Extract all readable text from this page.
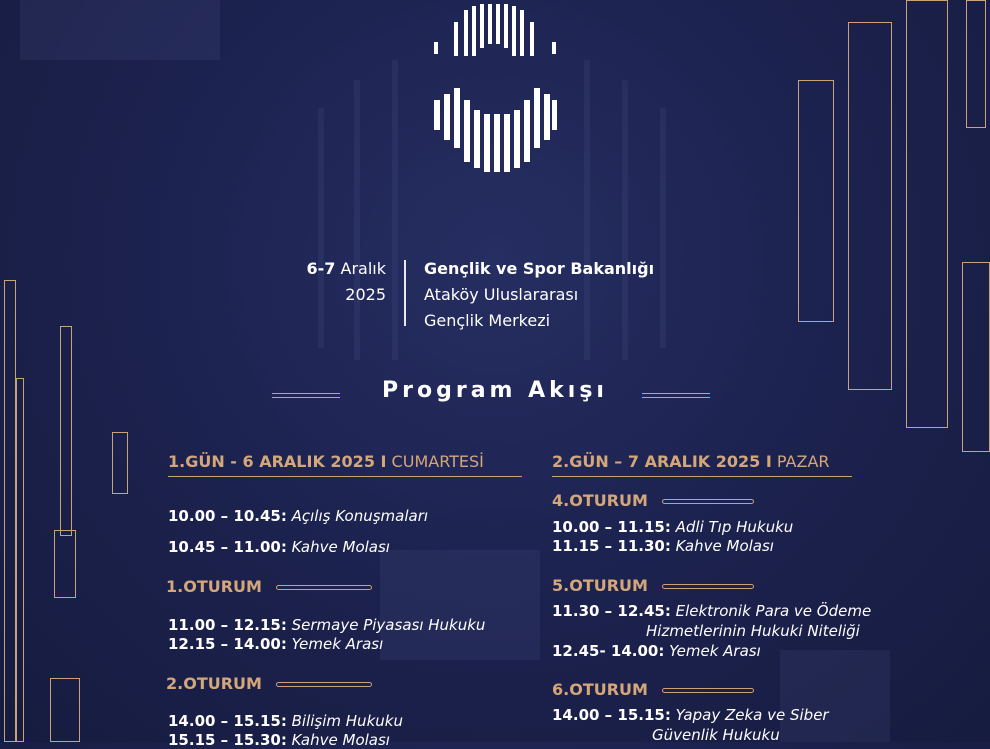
6-7 Aralık
2025
Gençlik ve Spor Bakanlığı
Ataköy Uluslararası
Gençlik Merkezi
Program Akışı
1.GÜN - 6 ARALIK 2025 I CUMARTESİ
10.00 – 10.45: Açılış Konuşmaları
10.45 – 11.00: Kahve Molası
1.OTURUM
11.00 – 12.15: Sermaye Piyasası Hukuku
12.15 – 14.00: Yemek Arası
2.OTURUM
14.00 – 15.15: Bilişim Hukuku
15.15 – 15.30: Kahve Molası
2.GÜN – 7 ARALIK 2025 I PAZAR
4.OTURUM
10.00 – 11.15: Adli Tıp Hukuku
11.15 – 11.30: Kahve Molası
5.OTURUM
11.30 – 12.45: Elektronik Para ve Ödeme
Hizmetlerinin Hukuki Niteliği
12.45- 14.00: Yemek Arası
6.OTURUM
14.00 – 15.15: Yapay Zeka ve Siber
Güvenlik Hukuku
